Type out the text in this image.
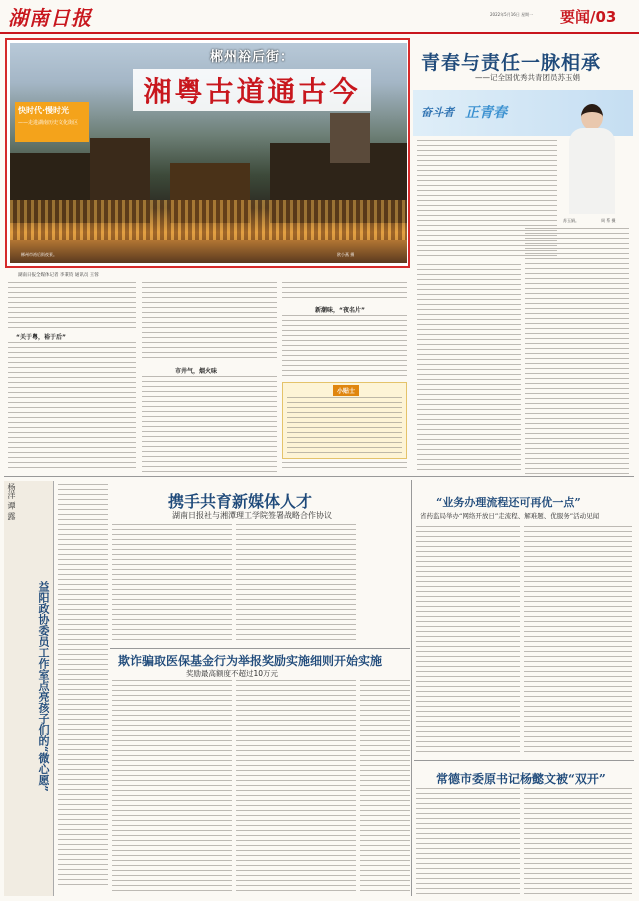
湖南日报	2022年5月16日 星期一	要闻/03
快时代·慢时光
——走进湖南历史文化街区
郴州裕后街：
湘粤古道通古今
郴州市裕后街夜景。	欧小燕 摄
湖南日报全媒体记者 李秉钧 通讯员 王蓉
“关于粤，裕于后”
市井气，烟火味
新潮味，“夜名片”
小贴士
青春与责任一脉相承
——记全国优秀共青团员苏玉娟
奋斗者 正青春
苏玉娟。	周 系 摄
益阳政协委员工作室点亮孩子们的“微心愿”
杨洋 谭 露	携手共育新媒体人才
湖南日报社与湘潭理工学院签署战略合作协议
欺诈骗取医保基金行为举报奖励实施细则开始实施
奖励最高额度不超过10万元
“业务办理流程还可再优一点”
省药监局举办“网络开放日”走流程、解难题、优服务”活动见闻
常德市委原书记杨懿文被“双开”
